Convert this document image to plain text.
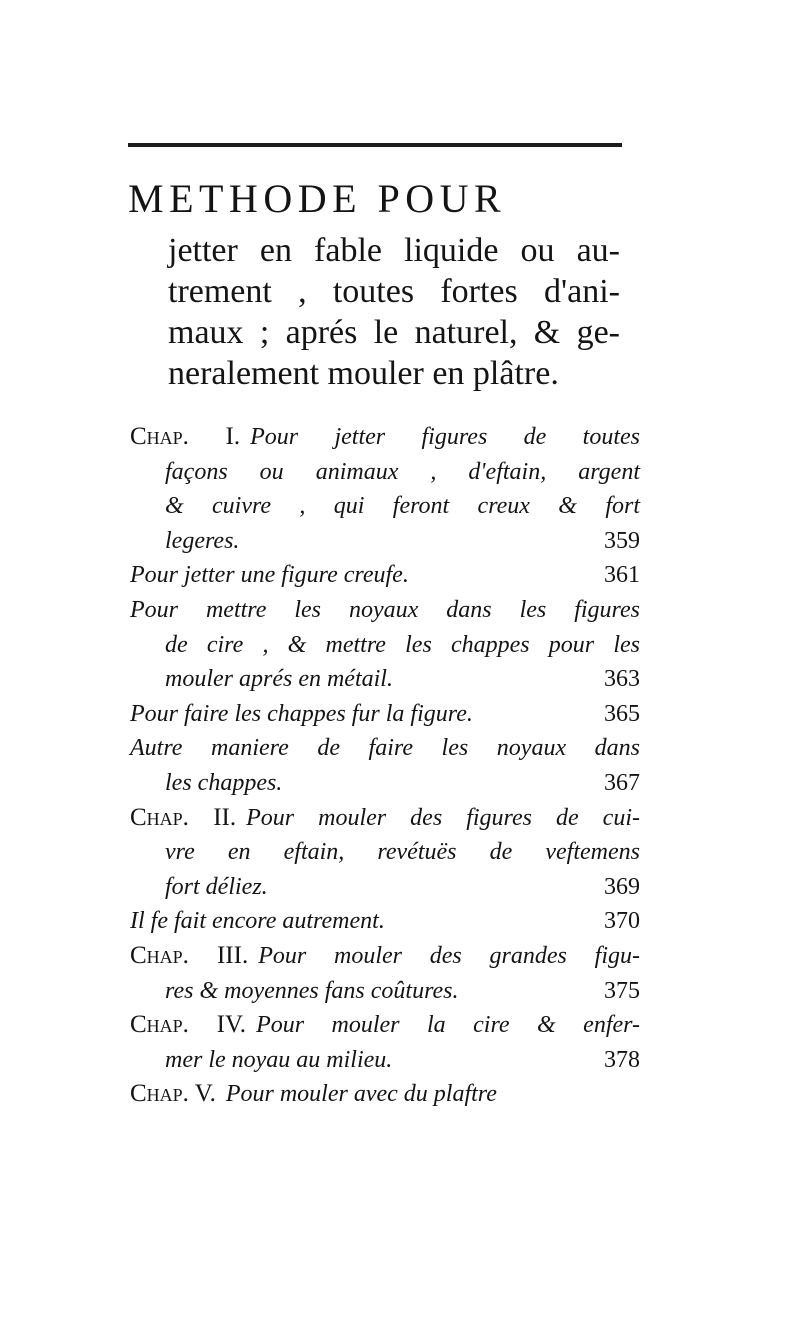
METHODE POUR
jetter en fable liquide ou au-
trement , toutes fortes d'ani-
maux ; aprés le naturel, & ge-
neralement mouler en plâtre.
Chap. I. Pour jetter figures de toutes
façons ou animaux , d'eftain, argent
& cuivre , qui feront creux & fort
legeres.	359
Pour jetter une figure creufe.	361
Pour mettre les noyaux dans les figures
de cire , & mettre les chappes pour les
mouler aprés en métail.	363
Pour faire les chappes fur la figure.	365
Autre maniere de faire les noyaux dans
les chappes.	367
Chap. II. Pour mouler des figures de cui-
vre en eftain, revétuës de veftemens
fort déliez.	369
Il fe fait encore autrement.	370
Chap. III. Pour mouler des grandes figu-
res & moyennes fans coûtures.	375
Chap. IV. Pour mouler la cire & enfer-
mer le noyau au milieu.	378
Chap. V. Pour mouler avec du plaftre
